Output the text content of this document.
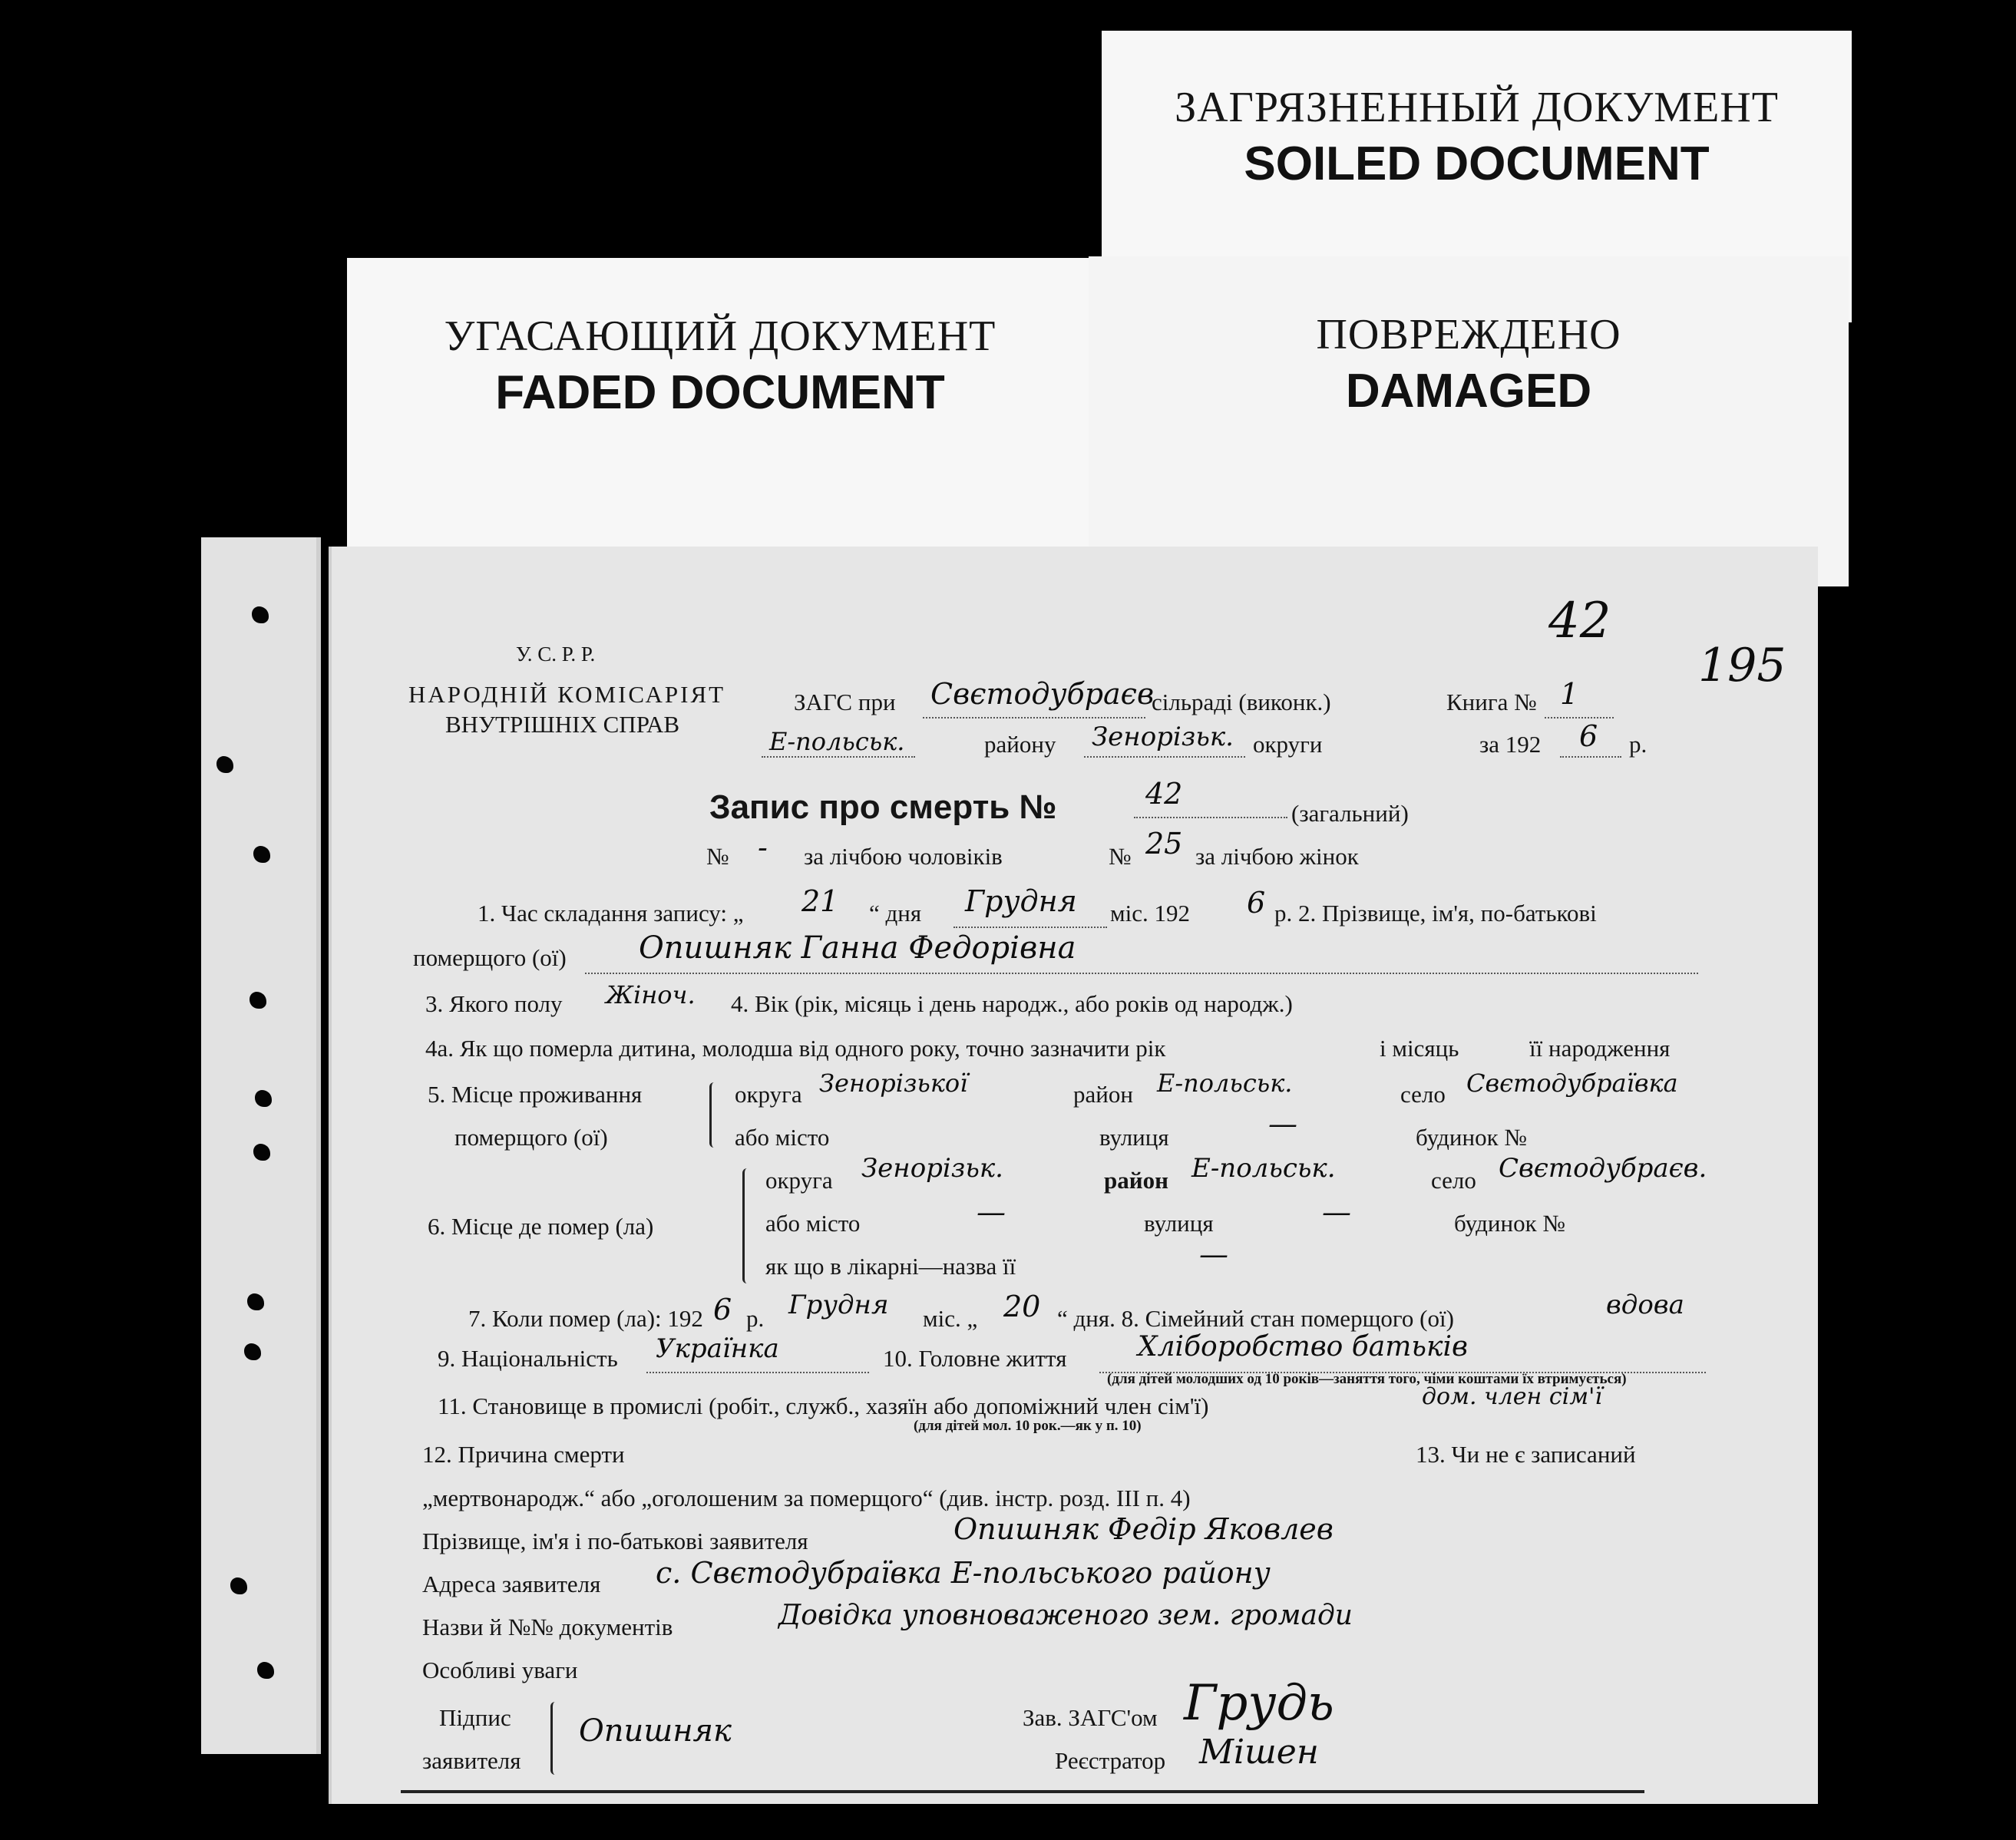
ЗАГРЯЗНЕННЫЙ ДОКУМЕНТ
SOILED DOCUMENT
УГАСАЮЩИЙ ДОКУМЕНТ
FADED DOCUMENT
ПОВРЕЖДЕНО
DAMAGED
42
195
У. С. Р. Р.
НАРОДНІЙ КОМІСАРІЯТ
ВНУТРІШНІХ СПРАВ
ЗАГС при Свєтодубраєв
сільраді (виконк.)	Книга № 1
Е-польськ.	району Зенорізьк. округи	за 192 6 р.
Запис про смерть №	42
(загальний)
№ - за лічбою чоловіків	№ 25 за лічбою жінок
1. Час складання запису: „ 21 “ дня Грудня міс. 192 6 р. 2. Прізвище, ім'я, по-батькові
померщого (ої) Опишняк Ганна Федорівна
3. Якого полу Жіноч. 4. Вік (рік, місяць і день народж., або років од народж.)
4а. Як що померла дитина, молодша від одного року, точно зазначити рік	і місяць	її народження
5. Місце проживання
померщого (ої)
округа Зенорізької	район Е-польськ.	село Свєтодубраївка
або місто	вулиця	—	будинок №
округа Зенорізьк.	район Е-польськ.	село Свєтодубраєв.
6. Місце де помер (ла)	або місто	—	вулиця	—	будинок №
як що в лікарні—назва її	—
7. Коли помер (ла): 192 6 р. Грудня міс. „ 20 “ дня. 8. Сімейний стан померщого (ої)	вдова
9. Національність Українка	10. Головне життя	Хліборобство батьків
(для дітей молодших од 10 років—заняття того, чіми коштами їх втримується)
11. Становище в промислі (робіт., служб., хазяїн або допоміжний член сім'ї)	дом. член сім'ї
(для дітей мол. 10 рок.—як у п. 10)
12. Причина смерти	13. Чи не є записаний
„мертвонародж.“ або „оголошеним за померщого“ (див. інстр. розд. III п. 4)
Прізвище, ім'я і по-батькові заявителя	Опишняк Федір Яковлев
Адреса заявителя с. Свєтодубраївка Е-польського району
Назви й №№ документів	Довідка уповноваженого зем. громади
Особливі уваги
Підпис
заявителя
Опишняк	Зав. ЗАГС'ом Грудь
Реєстратор Мішен
